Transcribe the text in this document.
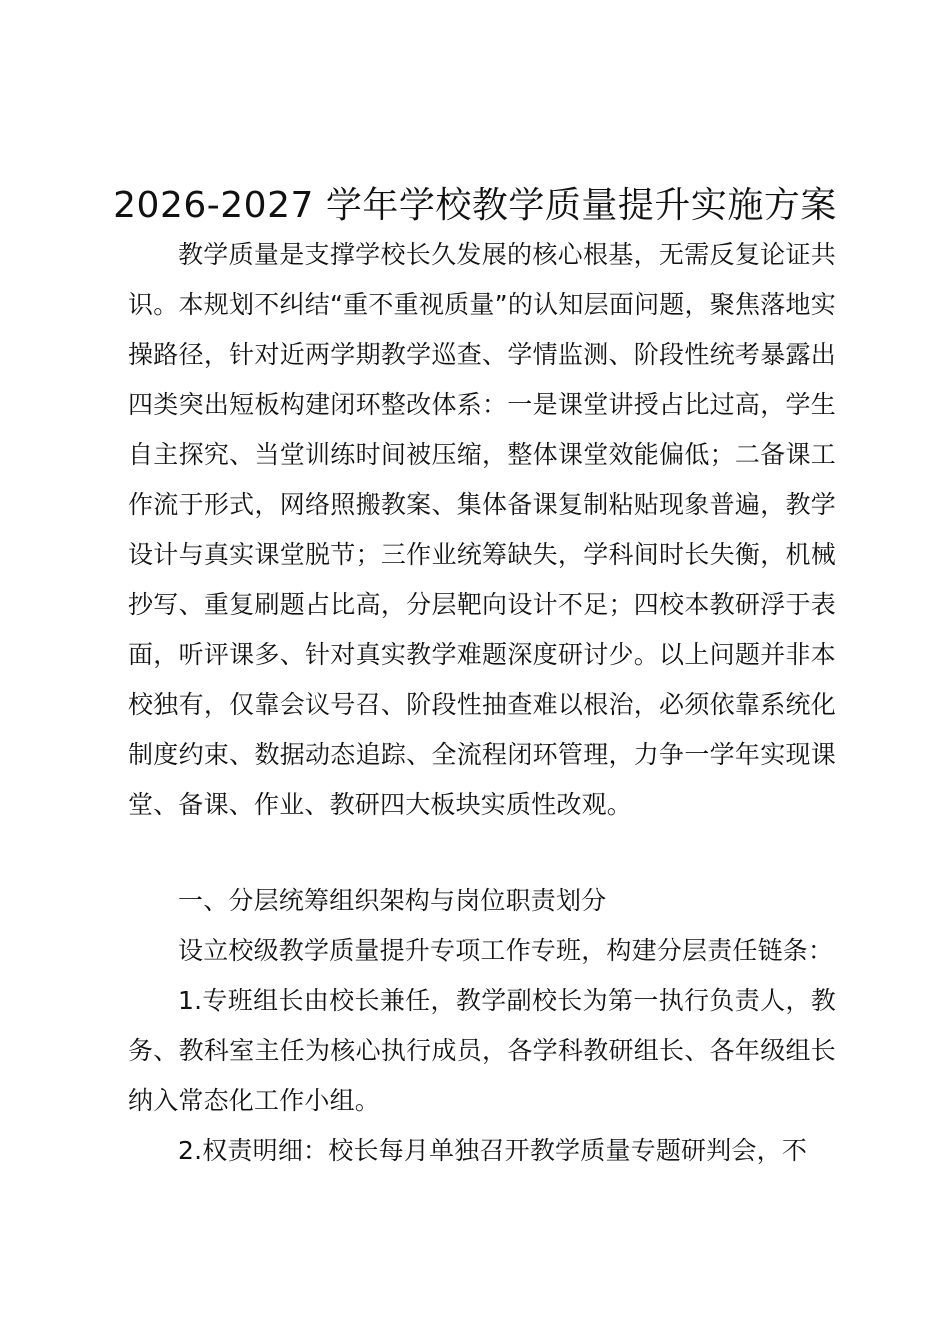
2026-2027 学年学校教学质量提升实施方案

教学质量是支撑学校长久发展的核心根基，无需反复论证共识。本规划不纠结“重不重视质量”的认知层面问题，聚焦落地实操路径，针对近两学期教学巡查、学情监测、阶段性统考暴露出四类突出短板构建闭环整改体系：一是课堂讲授占比过高，学生自主探究、当堂训练时间被压缩，整体课堂效能偏低；二备课工作流于形式，网络照搬教案、集体备课复制粘贴现象普遍，教学设计与真实课堂脱节；三作业统筹缺失，学科间时长失衡，机械抄写、重复刷题占比高，分层靶向设计不足；四校本教研浮于表面，听评课多、针对真实教学难题深度研讨少。以上问题并非本校独有，仅靠会议号召、阶段性抽查难以根治，必须依靠系统化制度约束、数据动态追踪、全流程闭环管理，力争一学年实现课堂、备课、作业、教研四大板块实质性改观。

一、分层统筹组织架构与岗位职责划分

设立校级教学质量提升专项工作专班，构建分层责任链条：

1.专班组长由校长兼任，教学副校长为第一执行负责人，教务、教科室主任为核心执行成员，各学科教研组长、各年级组长纳入常态化工作小组。

2.权责明细：校长每月单独召开教学质量专题研判会，不
